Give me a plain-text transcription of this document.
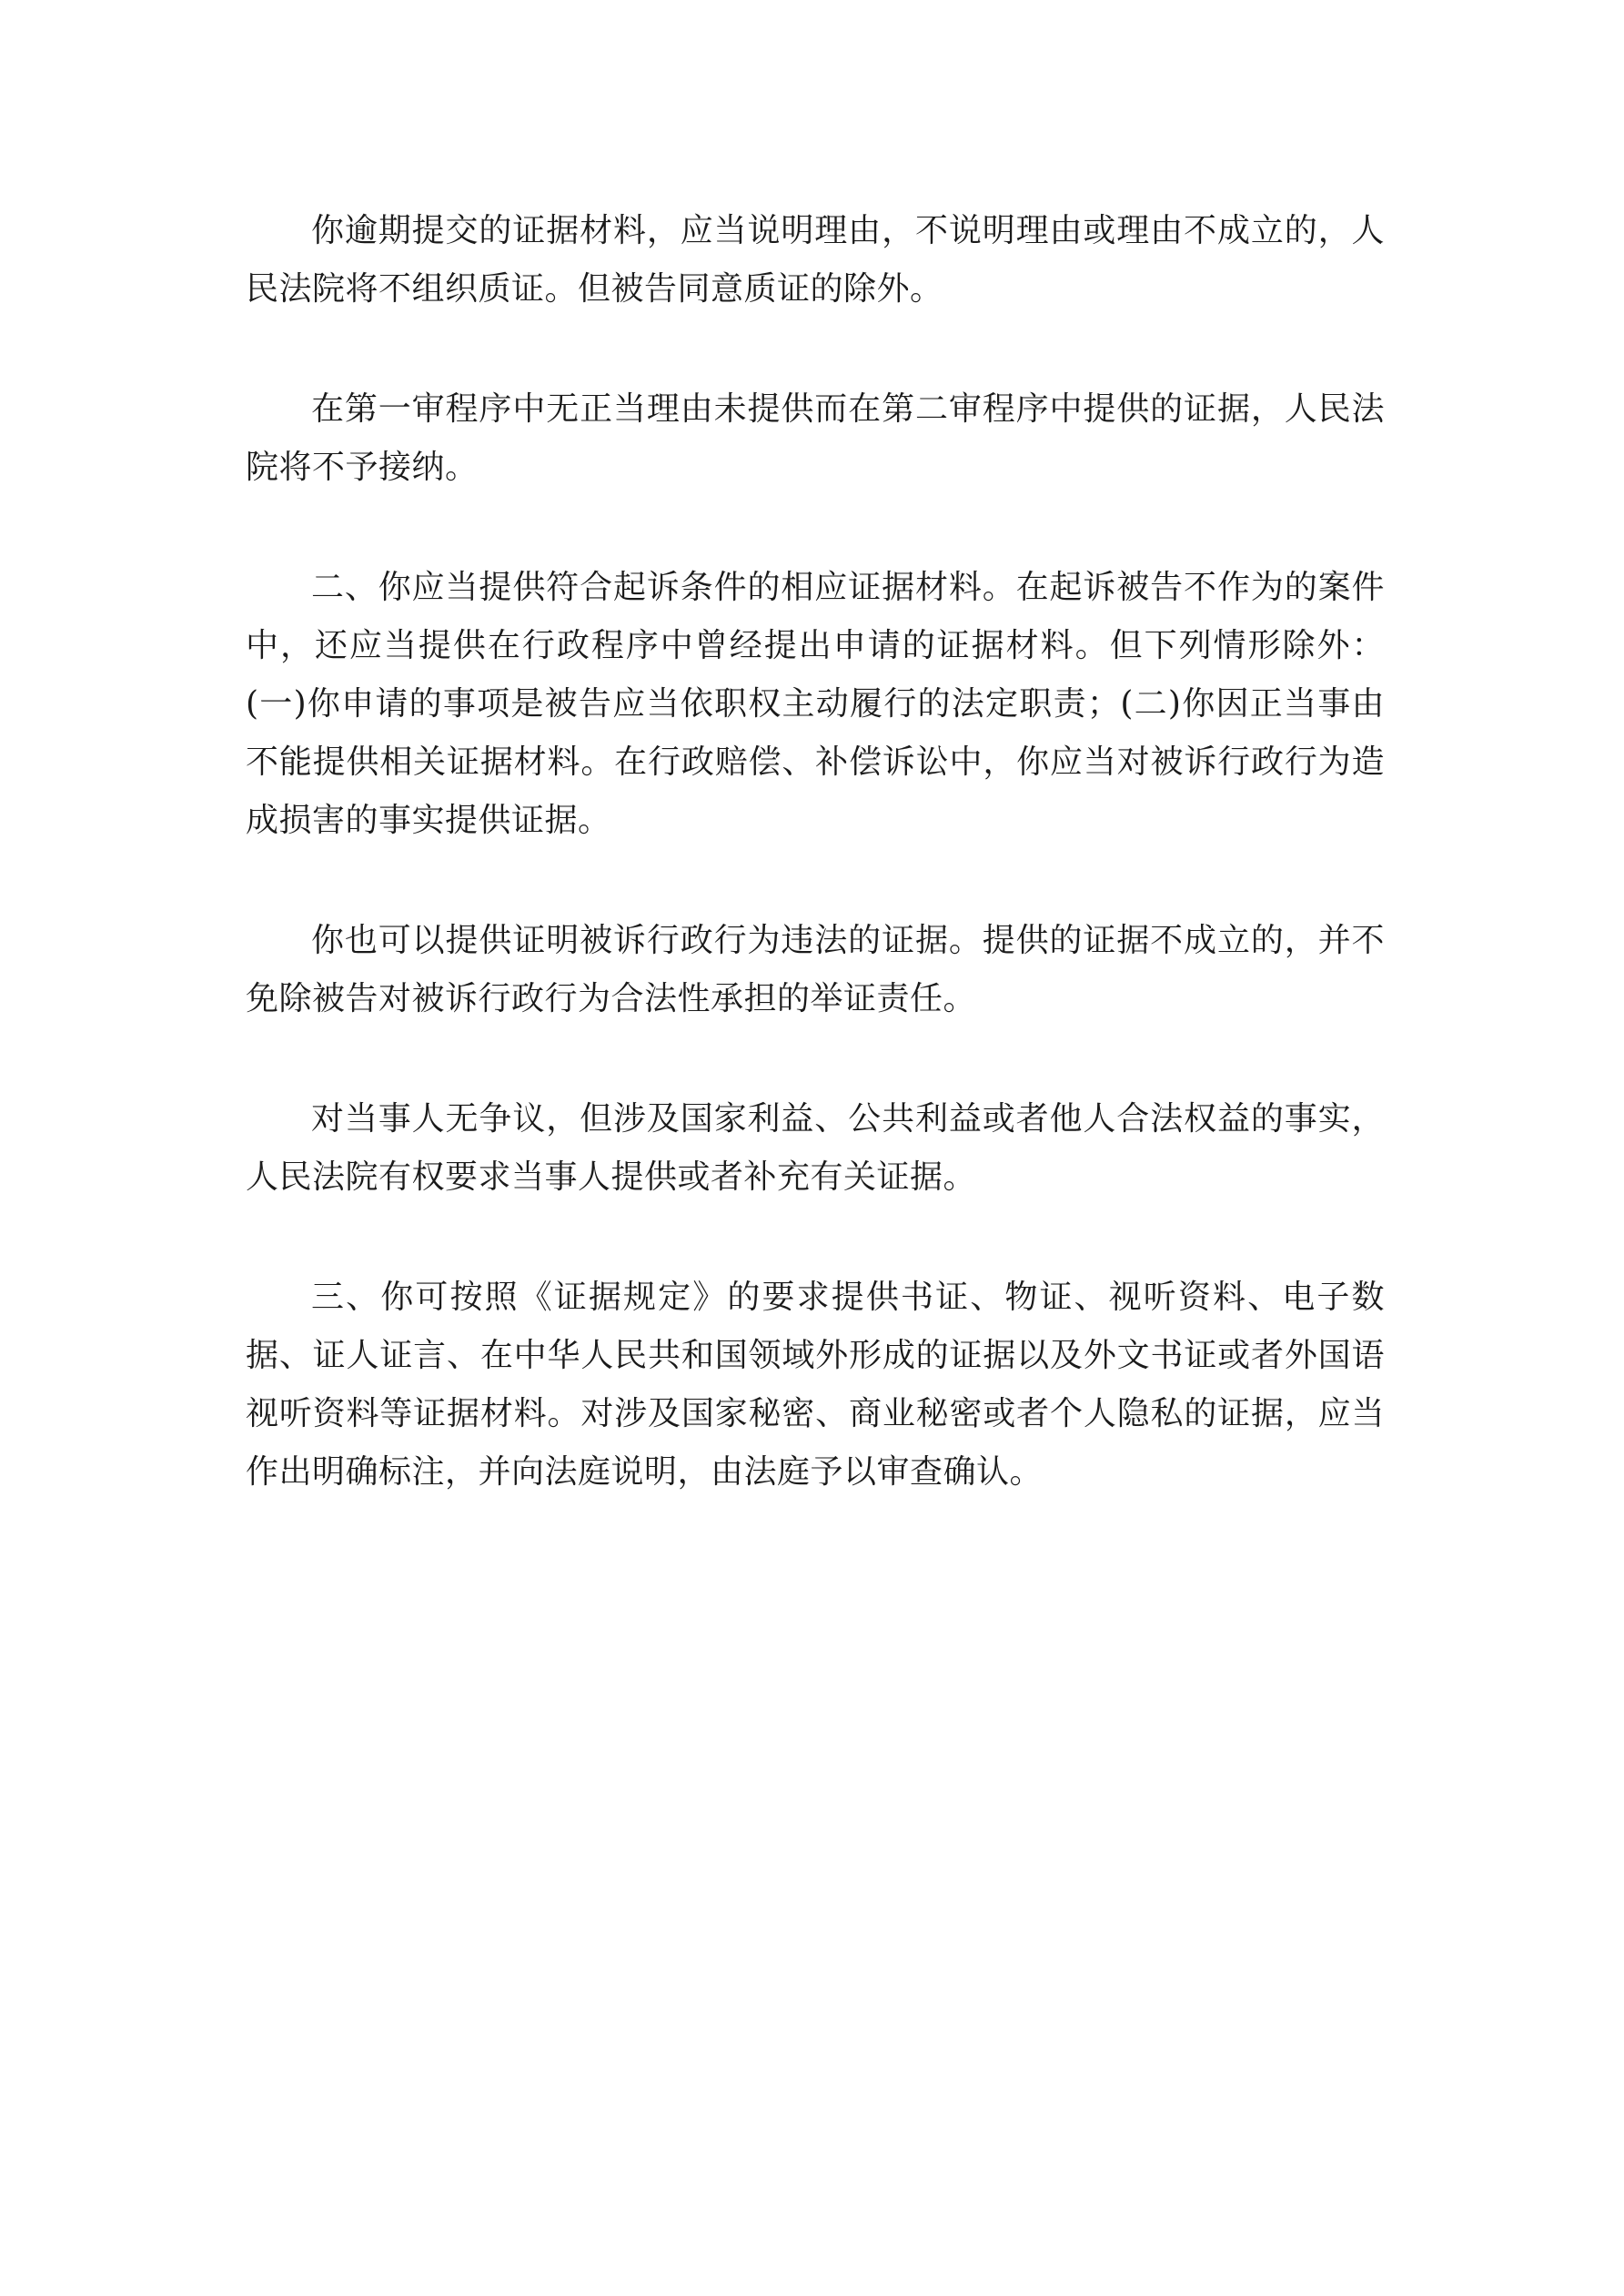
你逾期提交的证据材料，应当说明理由，不说明理由或理由不成立的，人民法院将不组织质证。但被告同意质证的除外。

在第一审程序中无正当理由未提供而在第二审程序中提供的证据，人民法院将不予接纳。

二、你应当提供符合起诉条件的相应证据材料。在起诉被告不作为的案件中，还应当提供在行政程序中曾经提出申请的证据材料。但下列情形除外：(一)你申请的事项是被告应当依职权主动履行的法定职责；(二)你因正当事由不能提供相关证据材料。在行政赔偿、补偿诉讼中，你应当对被诉行政行为造成损害的事实提供证据。

你也可以提供证明被诉行政行为违法的证据。提供的证据不成立的，并不免除被告对被诉行政行为合法性承担的举证责任。

对当事人无争议，但涉及国家利益、公共利益或者他人合法权益的事实，人民法院有权要求当事人提供或者补充有关证据。

三、你可按照《证据规定》的要求提供书证、物证、视听资料、电子数据、证人证言、在中华人民共和国领域外形成的证据以及外文书证或者外国语视听资料等证据材料。对涉及国家秘密、商业秘密或者个人隐私的证据，应当作出明确标注，并向法庭说明，由法庭予以审查确认。
